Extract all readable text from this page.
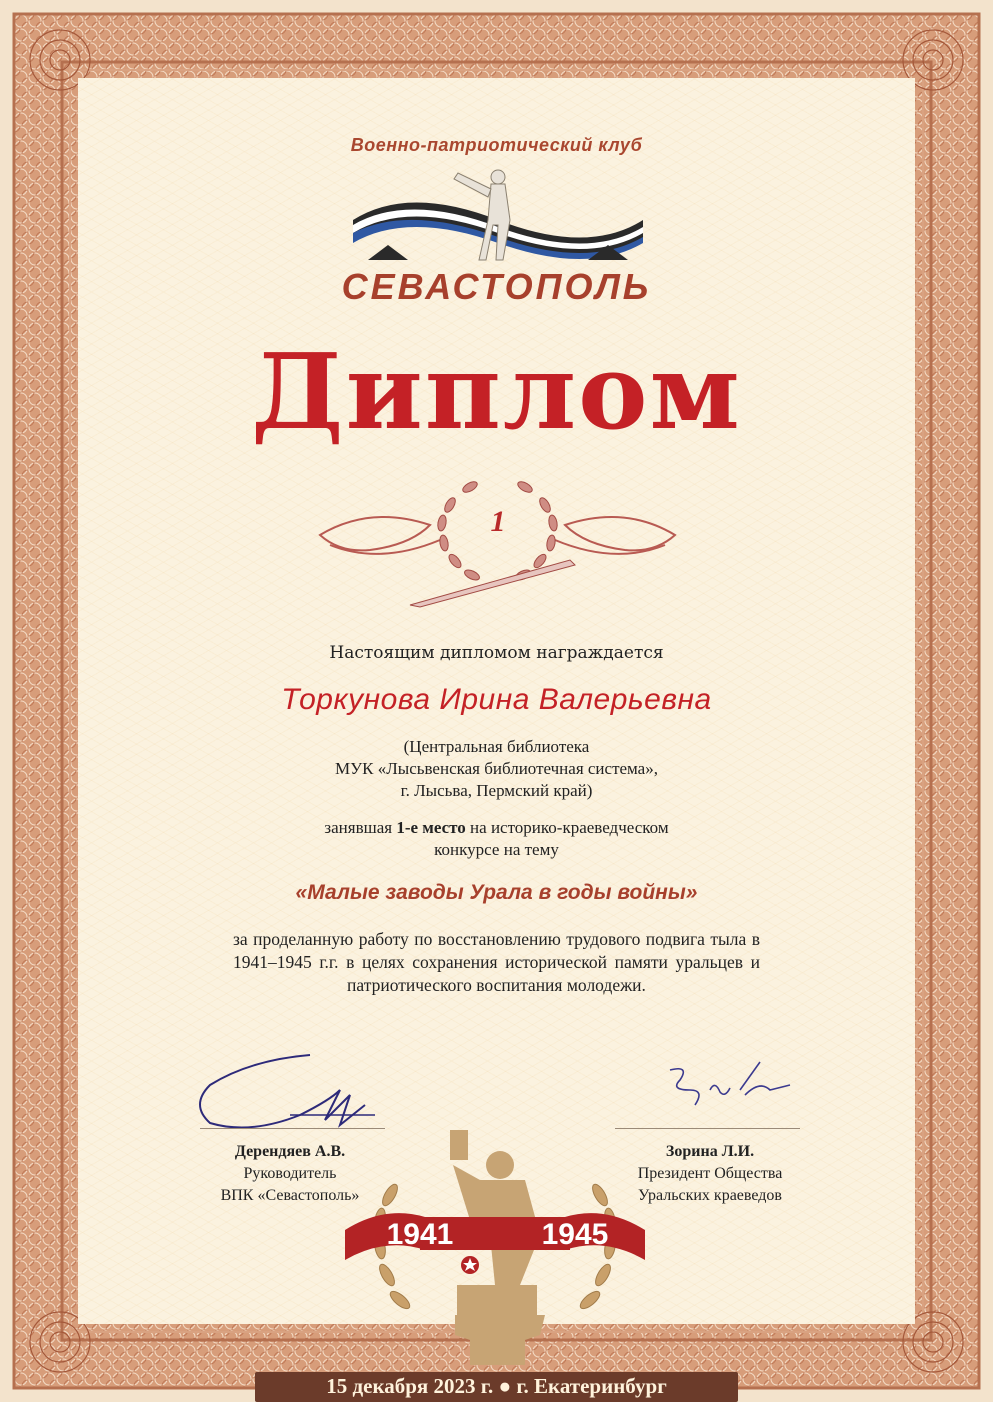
Военно-патриотический клуб
СЕВАСТОПОЛЬ
Диплом
1
Настоящим дипломом награждается
Торкунова Ирина Валерьевна
(Центральная библиотека
МУК «Лысьвенская библиотечная система»,
г. Лысьва, Пермский край)
занявшая 1-е место на историко-краеведческом
конкурсе на тему
«Малые заводы Урала в годы войны»
за проделанную работу по восстановлению трудового подвига тыла в 1941–1945 г.г. в целях сохранения исторической памяти уральцев и патриотического воспитания молодежи.
Дерендяев А.В.
Руководитель
ВПК «Севастополь»
Зорина Л.И.
Президент Общества
Уральских краеведов
1941	1945
15 декабря 2023 г. ● г. Екатеринбург
